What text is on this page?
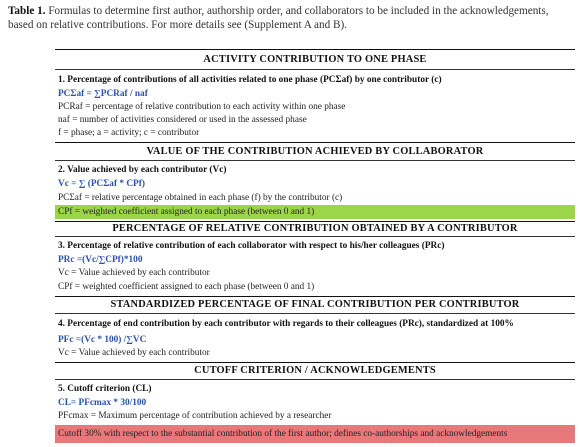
Table 1. Formulas to determine first author, authorship order, and collaborators to be included in the acknowledgements, based on relative contributions. For more details see (Supplement A and B).
ACTIVITY CONTRIBUTION TO ONE PHASE
1. Percentage of contributions of all activities related to one phase (PCΣaf) by one contributor (c)
PCΣaf = ∑PCRaf / naf
PCRaf = percentage of relative contribution to each activity within one phase
naf = number of activities considered or used in the assessed phase
f = phase; a = activity; c = contributor
VALUE OF THE CONTRIBUTION ACHIEVED BY COLLABORATOR
2. Value achieved by each contributor (Vc)
Vc = ∑ (PCΣaf * CPf)
PCΣaf = relative percentage obtained in each phase (f) by the contributor (c)
CPf = weighted coefficient assigned to each phase (between 0 and 1)
PERCENTAGE OF RELATIVE CONTRIBUTION OBTAINED BY A CONTRIBUTOR
3. Percentage of relative contribution of each collaborator with respect to his/her colleagues (PRc)
PRc =(Vc/∑CPf)*100
Vc = Value achieved by each contributor
CPf = weighted coefficient assigned to each phase (between 0 and 1)
STANDARDIZED PERCENTAGE OF FINAL CONTRIBUTION PER CONTRIBUTOR
4. Percentage of end contribution by each contributor with regards to their colleagues (PRc), standardized at 100%
PFc =(Vc * 100) /∑VC
Vc = Value achieved by each contributor
CUTOFF CRITERION / ACKNOWLEDGEMENTS
5. Cutoff criterion (CL)
CL= PFcmax * 30/100
PFcmax = Maximum percentage of contribution achieved by a researcher
Cutoff 30% with respect to the substantial contribution of the first author; defines co-authorships and acknowledgements
